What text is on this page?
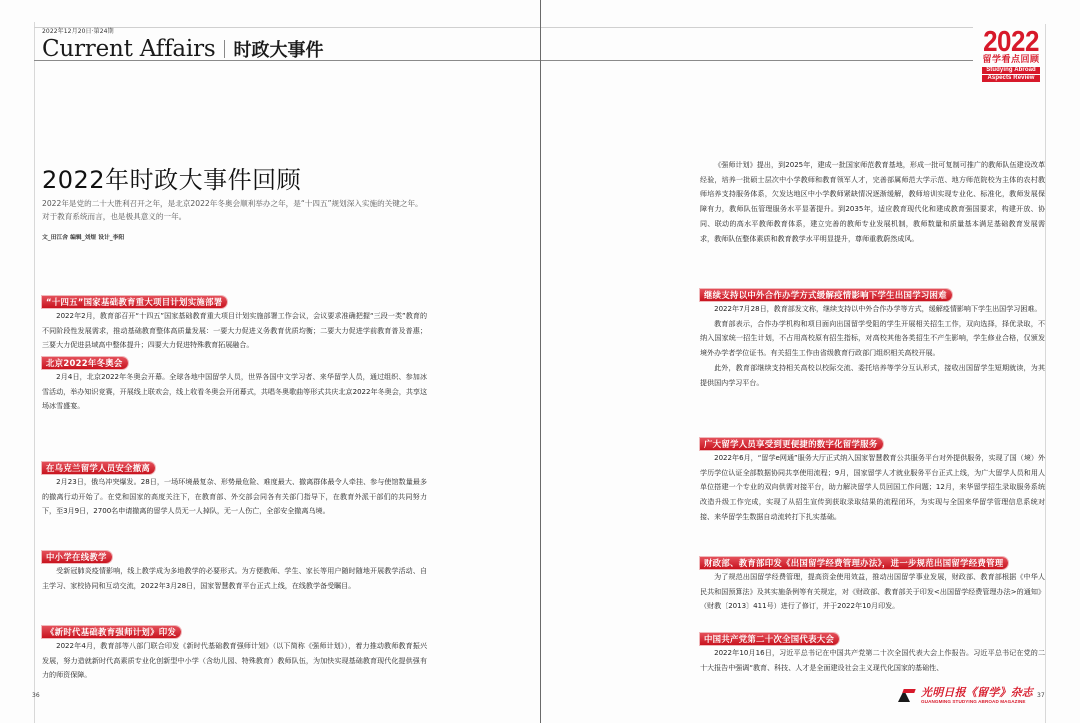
2022年12月20日·第24期
Current Affairs 时政大事件	2022
留学看点回顾
Studying Abroad
Aspects Review
2022年时政大事件回顾

2022年是党的二十大胜利召开之年，是北京2022年冬奥会顺利举办之年，是“十四五”规划深入实施的关键之年。对于教育系统而言，也是极具意义的一年。

文_田江舍 编辑_刘煜 设计_李阳
“十四五”国家基础教育重大项目计划实施部署

2022年2月，教育部召开“十四五”国家基础教育重大项目计划实施部署工作会议，会议要求准确把握“三段一类”教育的不同阶段性发展需求，推动基础教育整体高质量发展：一要大力促进义务教育优质均衡；二要大力促进学前教育普及普惠；三要大力促进县域高中整体提升；四要大力促进特殊教育拓展融合。

北京2022年冬奥会

2月4日，北京2022年冬奥会开幕。全球各地中国留学人员，世界各国中文学习者、来华留学人员，通过组织、参加冰雪活动，举办知识竞赛，开展线上联欢会，线上收看冬奥会开闭幕式，共唱冬奥歌曲等形式共庆北京2022年冬奥会，共享这场冰雪盛宴。

在乌克兰留学人员安全撤离

2月23日，俄乌冲突爆发。28日，一场环境最复杂、形势最危险、难度最大、撤离群体最令人牵挂、参与使馆数量最多的撤离行动开始了。在党和国家的高度关注下，在教育部、外交部会同各有关部门指导下，在教育外派干部们的共同努力下，至3月9日，2700名申请撤离的留学人员无一人掉队，无一人伤亡，全部安全撤离乌境。

中小学在线教学

受新冠肺炎疫情影响，线上教学成为多地教学的必要形式。为方便教师、学生、家长等用户随时随地开展教学活动、自主学习、家校协同和互动交流，2022年3月28日，国家智慧教育平台正式上线，在线教学备受瞩目。

《新时代基础教育强师计划》印发

2022年4月，教育部等八部门联合印发《新时代基础教育强师计划》（以下简称《强师计划》），着力推动教师教育振兴发展，努力造就新时代高素质专业化创新型中小学（含幼儿园、特殊教育）教师队伍，为加快实现基础教育现代化提供强有力的师资保障。

《强师计划》提出，到2025年，建成一批国家师范教育基地，形成一批可复制可推广的教师队伍建设改革经验，培养一批硕士层次中小学教师和教育领军人才，完善部属师范大学示范、地方师范院校为主体的农村教师培养支持服务体系，欠发达地区中小学教师紧缺情况逐渐缓解，教师培训实现专业化、标准化，教师发展保障有力，教师队伍管理服务水平显著提升。到2035年，适应教育现代化和建成教育强国要求，构建开放、协同、联动的高水平教师教育体系，建立完善的教师专业发展机制，教师数量和质量基本满足基础教育发展需求，教师队伍整体素质和教育教学水平明显提升，尊师重教蔚然成风。

继续支持以中外合作办学方式缓解疫情影响下学生出国学习困难

2022年7月28日，教育部发文称，继续支持以中外合作办学等方式，缓解疫情影响下学生出国学习困难。

教育部表示，合作办学机构和项目面向出国留学受阻的学生开展相关招生工作，双向选择，择优录取，不纳入国家统一招生计划，不占用高校原有招生指标，对高校其他各类招生不产生影响，学生修业合格，仅颁发境外办学者学位证书。有关招生工作由省级教育行政部门组织相关高校开展。

此外，教育部继续支持相关高校以校际交流、委托培养等学分互认形式，接收出国留学生短期就读，为其提供国内学习平台。

广大留学人员享受到更便捷的数字化留学服务

2022年6月，“留学e网通”服务大厅正式纳入国家智慧教育公共服务平台对外提供服务，实现了国（境）外学历学位认证全部数据协同共享使用流程；9月，国家留学人才就业服务平台正式上线，为广大留学人员和用人单位搭建一个专业的双向供需对接平台，助力解决留学人员回国工作问题；12月，来华留学招生录取服务系统改造升级工作完成，实现了从招生宣传到获取录取结果的流程闭环，为实现与全国来华留学管理信息系统对接、来华留学生数据自动流转打下扎实基础。

财政部、教育部印发《出国留学经费管理办法》，进一步规范出国留学经费管理

为了规范出国留学经费管理，提高资金使用效益，推动出国留学事业发展，财政部、教育部根据《中华人民共和国预算法》及其实施条例等有关规定，对《财政部、教育部关于印发<出国留学经费管理办法>的通知》（财教〔2013〕411号）进行了修订，并于2022年10月印发。

中国共产党第二十次全国代表大会

2022年10月16日，习近平总书记在中国共产党第二十次全国代表大会上作报告。习近平总书记在党的二十大报告中强调“教育、科技、人才是全面建设社会主义现代化国家的基础性、

36	光明日报《留学》杂志
GUANGMING STUDYING ABROAD MAGAZINE
37
